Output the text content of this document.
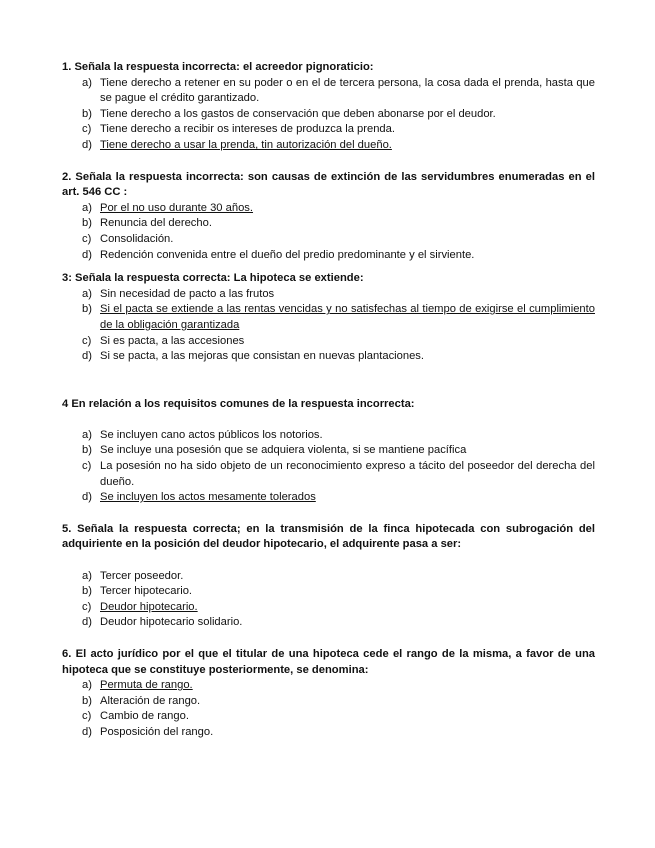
1. Señala la respuesta incorrecta: el acreedor pignoraticio:

a) Tiene derecho a retener en su poder o en el de tercera persona, la cosa dada el prenda, hasta que se pague el crédito garantizado.
b) Tiene derecho a los gastos de conservación que deben abonarse por el deudor.
c) Tiene derecho a recibir os intereses de produzca la prenda.
d) Tiene derecho a usar la prenda, tin autorización del dueño.

2. Señala la respuesta incorrecta: son causas de extinción de las servidumbres enumeradas en el art. 546 CC :

a) Por el no uso durante 30 años.
b) Renuncia del derecho.
c) Consolidación.
d) Redención convenida entre el dueño del predio predominante y el sirviente.

3: Señala la respuesta correcta: La hipoteca se extiende:

a) Sin necesidad de pacto a las frutos
b) Si el pacta se extiende a las rentas vencidas y no satisfechas al tiempo de exigirse el cumplimiento de la obligación garantizada
c) Si es pacta, a las accesiones
d) Si se pacta, a las mejoras que consistan en nuevas plantaciones.

4 En relación a los requisitos comunes de la respuesta incorrecta:

a) Se incluyen cano actos públicos los notorios.
b) Se incluye una posesión que se adquiera violenta, si se mantiene pacífica
c) La posesión no ha sido objeto de un reconocimiento expreso a tácito del poseedor del derecha del dueño.
d) Se incluyen los actos mesamente tolerados

5. Señala la respuesta correcta; en la transmisión de la finca hipotecada con subrogación del adquiriente en la posición del deudor hipotecario, el adquirente pasa a ser:

a) Tercer poseedor.
b) Tercer hipotecario.
c) Deudor hipotecario.
d) Deudor hipotecario solidario.

6. El acto jurídico por el que el titular de una hipoteca cede el rango de la misma, a favor de una hipoteca que se constituye posteriormente, se denomina:

a) Permuta de rango.
b) Alteración de rango.
c) Cambio de rango.
d) Posposición del rango.
